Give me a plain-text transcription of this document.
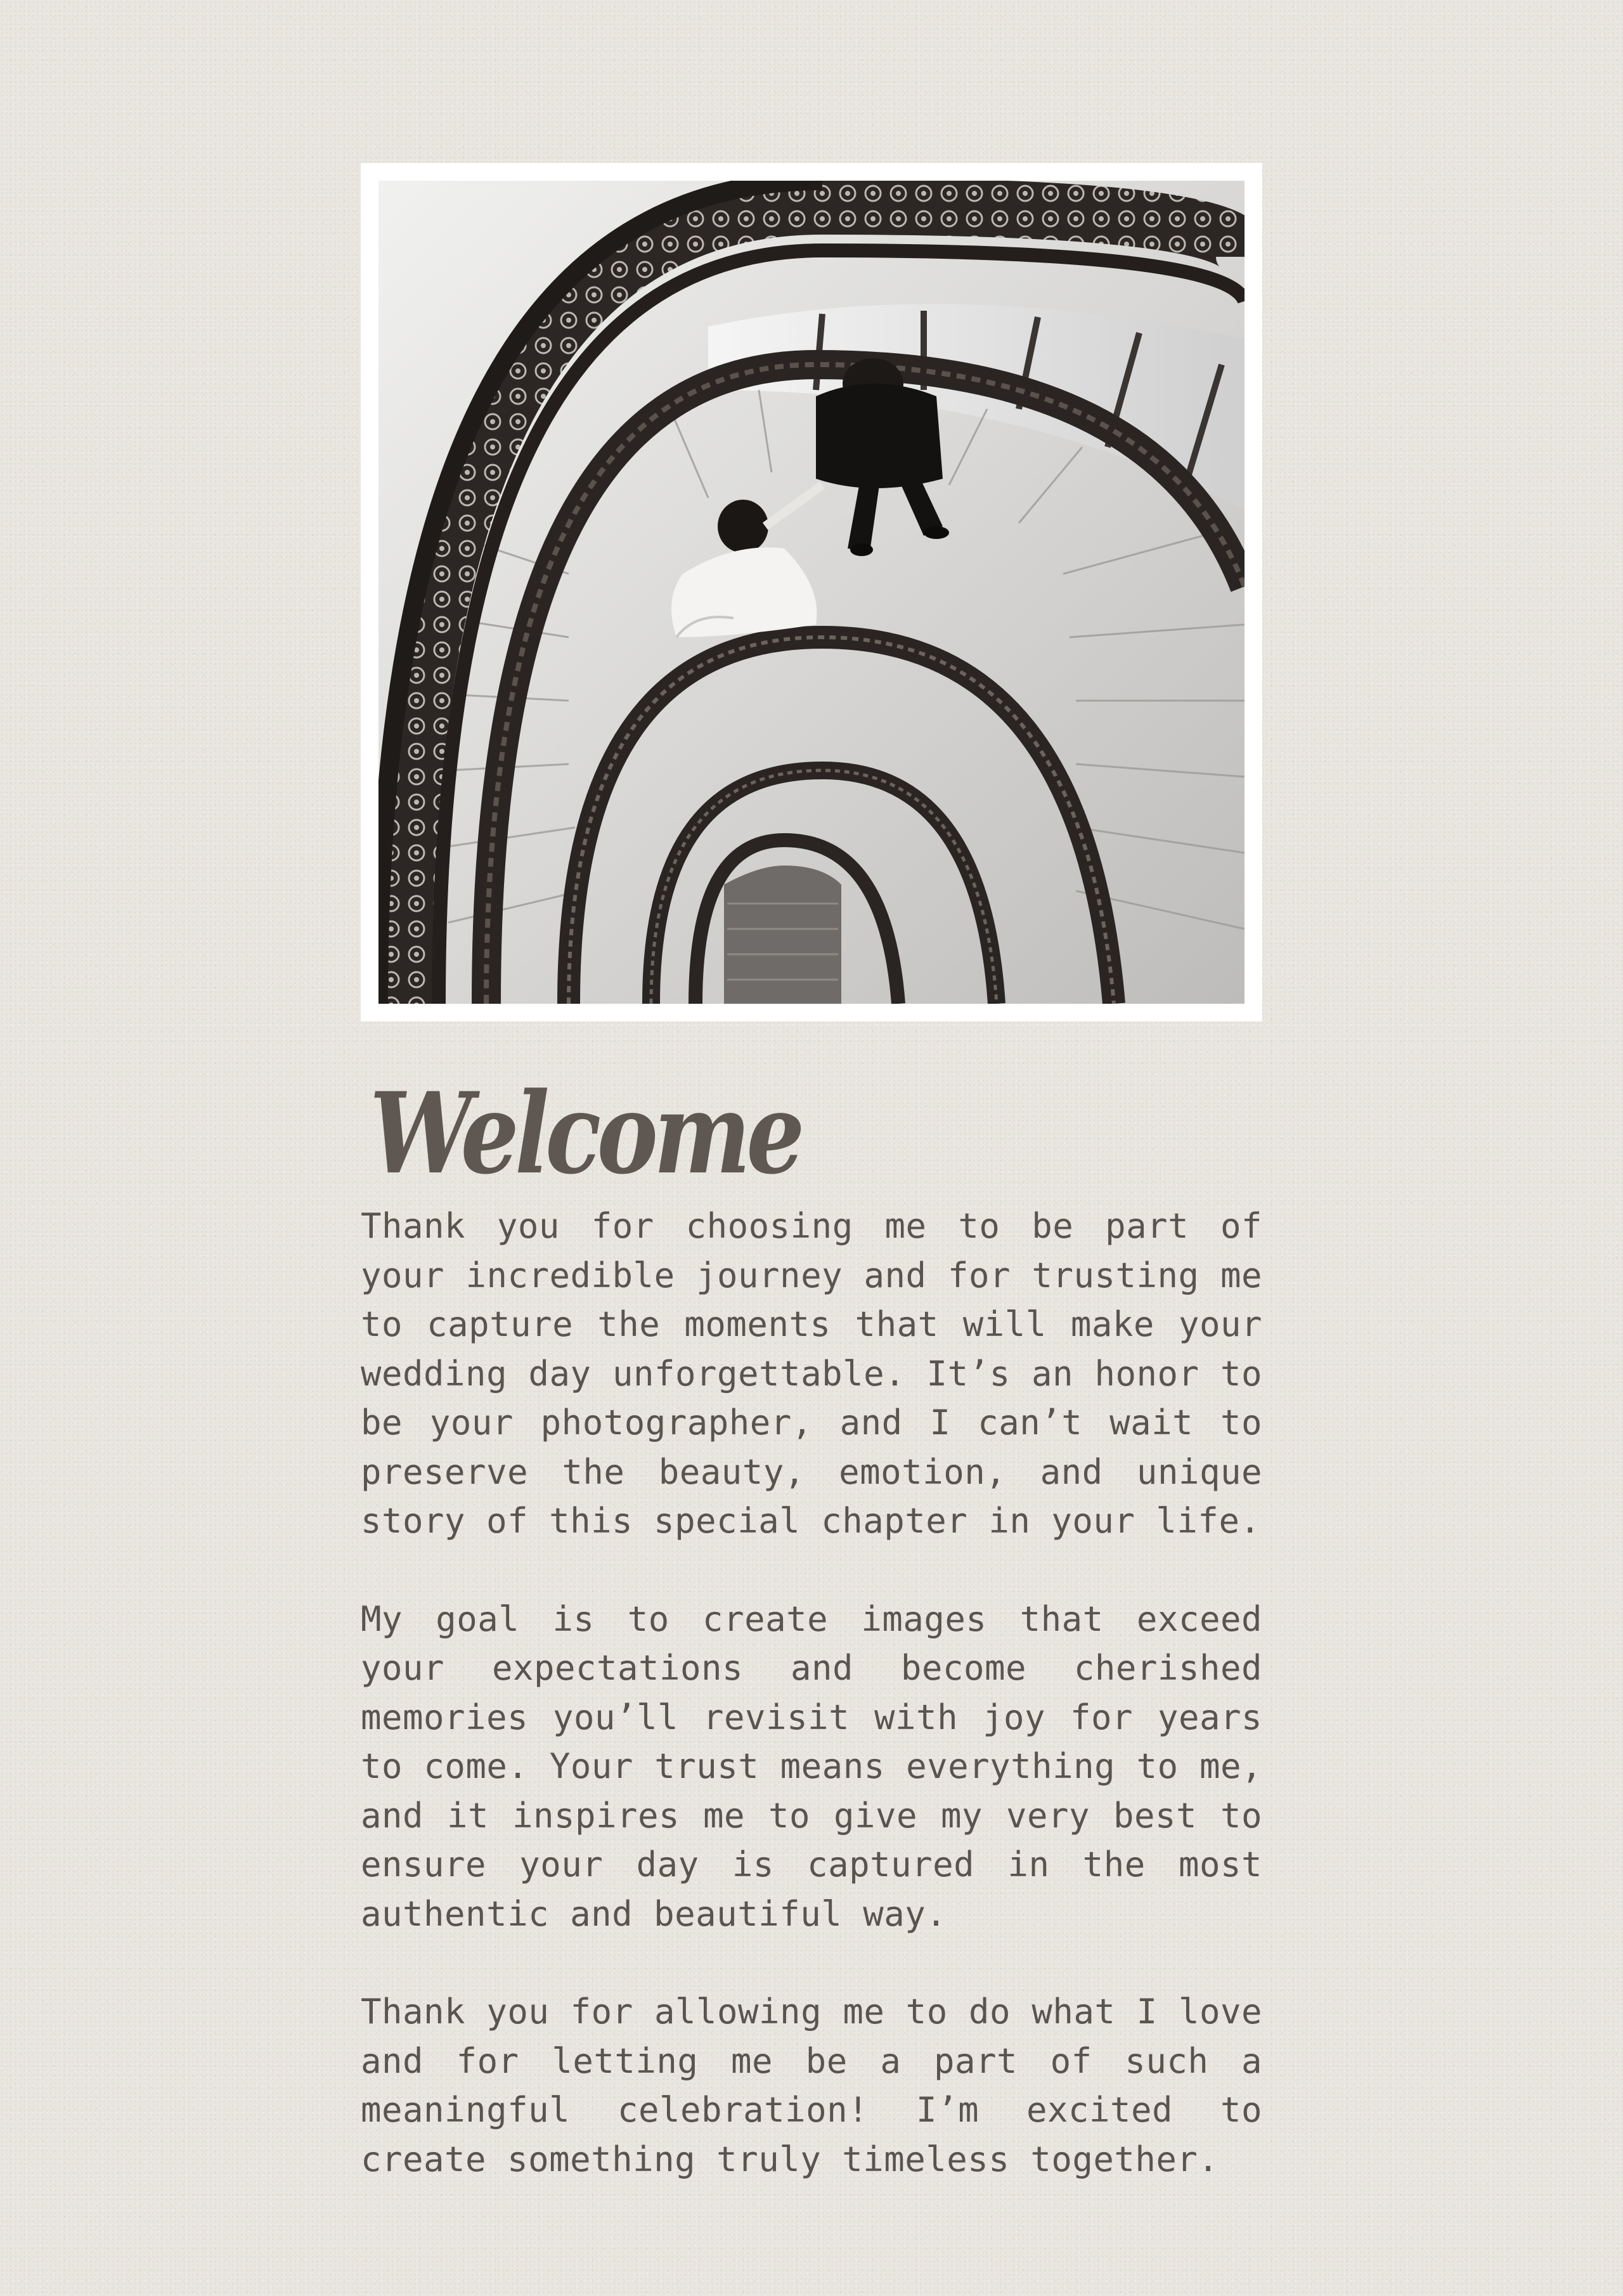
Welcome

Thank you for choosing me to be part of your incredible journey and for trusting me to capture the moments that will make your wedding day unforgettable. It’s an honor to be your photographer, and I can’t wait to preserve the beauty, emotion, and unique story of this special chapter in your life.

My goal is to create images that exceed your expectations and become cherished memories you’ll revisit with joy for years to come. Your trust means everything to me, and it inspires me to give my very best to ensure your day is captured in the most authentic and beautiful way.

Thank you for allowing me to do what I love and for letting me be a part of such a meaningful celebration! I’m excited to create something truly timeless together.
